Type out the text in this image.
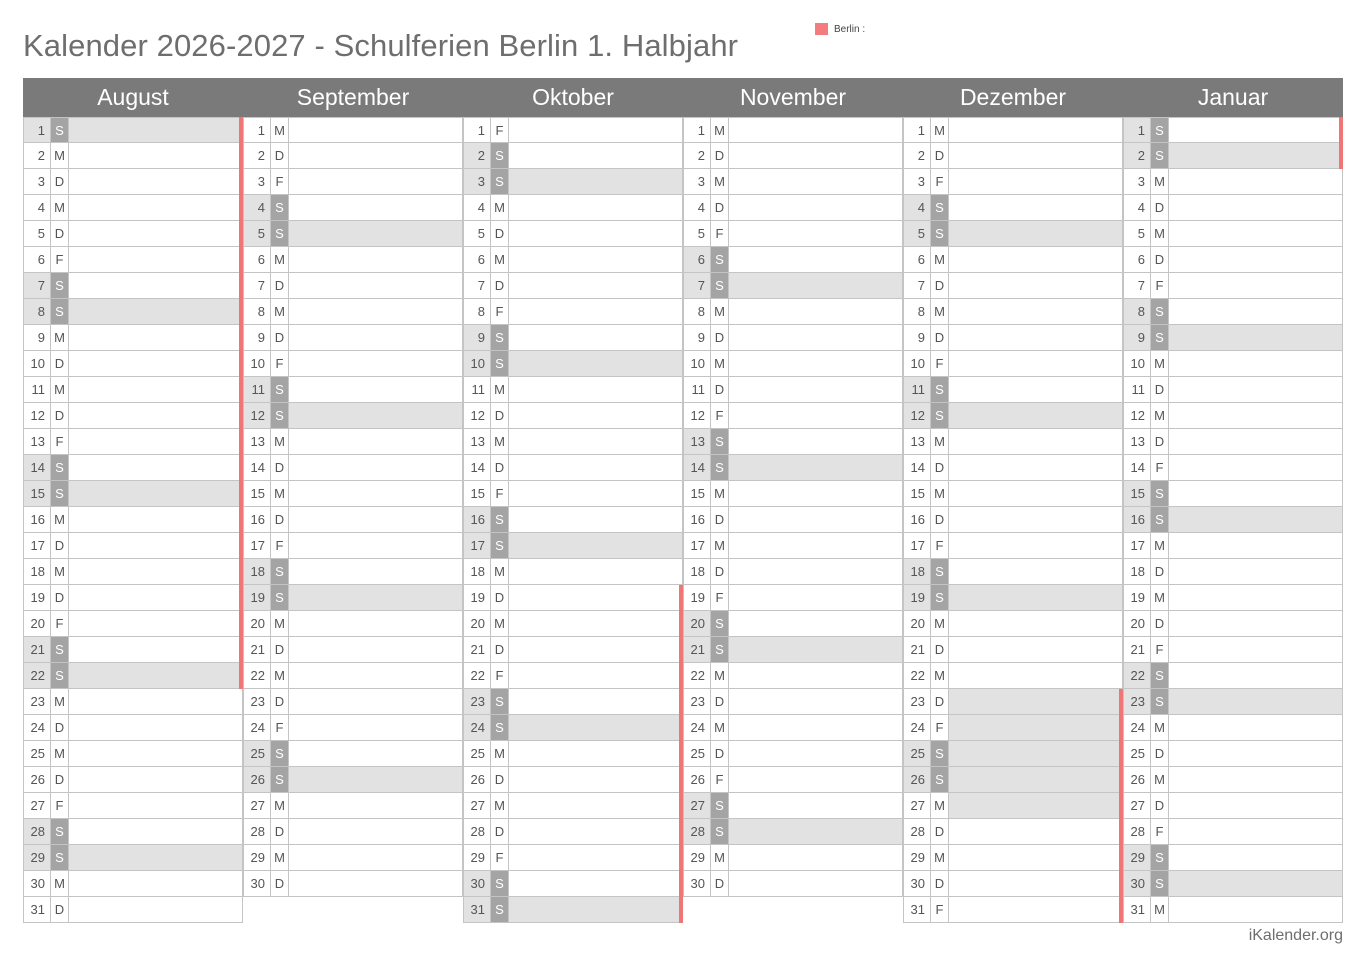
Kalender 2026-2027 - Schulferien Berlin 1. Halbjahr	Berlin :
August	September	Oktober	November	Dezember	Januar
1 S
2 M
3 D
4 M
5 D
6 F
7 S
8 S
9 M
10 D
11 M
12 D
13 F
14 S
15 S
16 M
17 D
18 M
19 D
20 F
21 S
22 S
23 M
24 D
25 M
26 D
27 F
28 S
29 S
30 M
31 D
1 M
2 D
3 F
4 S
5 S
6 M
7 D
8 M
9 D
10 F
11 S
12 S
13 M
14 D
15 M
16 D
17 F
18 S
19 S
20 M
21 D
22 M
23 D
24 F
25 S
26 S
27 M
28 D
29 M
30 D
1 F
2 S
3 S
4 M
5 D
6 M
7 D
8 F
9 S
10 S
11 M
12 D
13 M
14 D
15 F
16 S
17 S
18 M
19 D
20 M
21 D
22 F
23 S
24 S
25 M
26 D
27 M
28 D
29 F
30 S
31 S
1 M
2 D
3 M
4 D
5 F
6 S
7 S
8 M
9 D
10 M
11 D
12 F
13 S
14 S
15 M
16 D
17 M
18 D
19 F
20 S
21 S
22 M
23 D
24 M
25 D
26 F
27 S
28 S
29 M
30 D
1 M
2 D
3 F
4 S
5 S
6 M
7 D
8 M
9 D
10 F
11 S
12 S
13 M
14 D
15 M
16 D
17 F
18 S
19 S
20 M
21 D
22 M
23 D
24 F
25 S
26 S
27 M
28 D
29 M
30 D
31 F
1 S
2 S
3 M
4 D
5 M
6 D
7 F
8 S
9 S
10 M
11 D
12 M
13 D
14 F
15 S
16 S
17 M
18 D
19 M
20 D
21 F
22 S
23 S
24 M
25 D
26 M
27 D
28 F
29 S
30 S
31 M
iKalender.org
